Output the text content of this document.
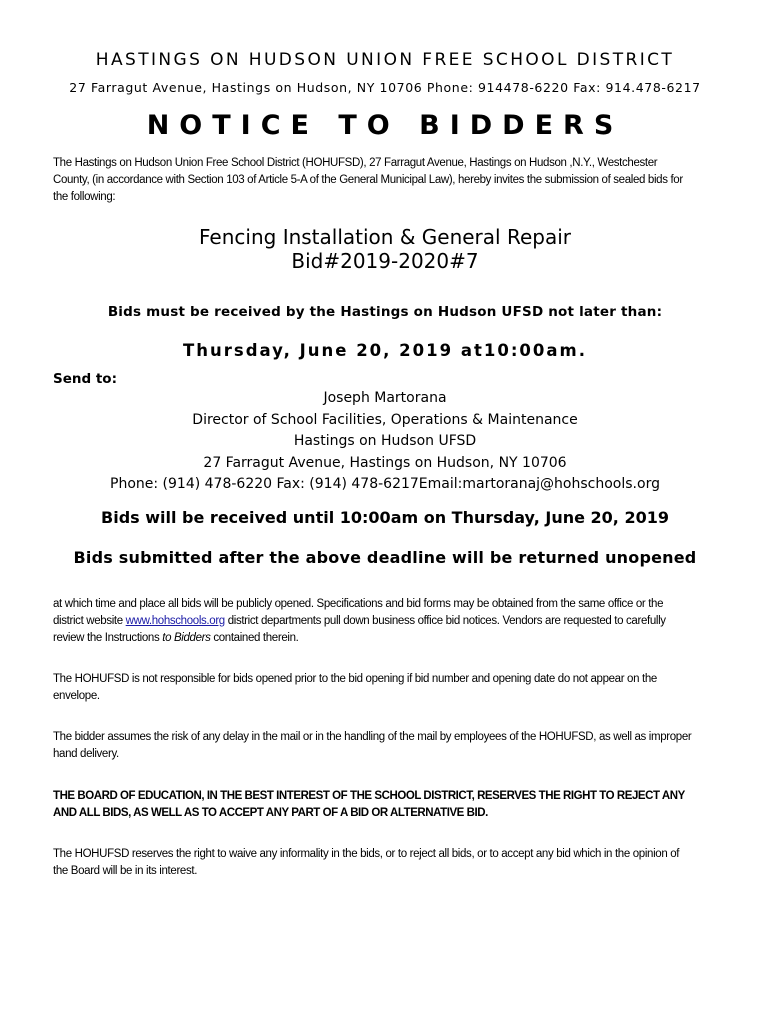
HASTINGS ON HUDSON UNION FREE SCHOOL DISTRICT
27 Farragut Avenue, Hastings on Hudson, NY 10706 Phone: 914478-6220 Fax: 914.478-6217
NOTICE TO BIDDERS
The Hastings on Hudson Union Free School District (HOHUFSD), 27 Farragut Avenue, Hastings on Hudson ,N.Y., Westchester County, (in accordance with Section 103 of Article 5-A of the General Municipal Law), hereby invites the submission of sealed bids for the following:
Fencing Installation & General Repair
Bid#2019-2020#7
Bids must be received by the Hastings on Hudson UFSD not later than:
Thursday, June 20, 2019 at10:00am.
Send to:
Joseph Martorana
Director of School Facilities, Operations & Maintenance
Hastings on Hudson UFSD
27 Farragut Avenue, Hastings on Hudson, NY 10706
Phone: (914) 478-6220 Fax: (914) 478-6217Email:martoranaj@hohschools.org
Bids will be received until 10:00am on Thursday, June 20, 2019
Bids submitted after the above deadline will be returned unopened
at which time and place all bids will be publicly opened. Specifications and bid forms may be obtained from the same office or the district website www.hohschools.org district departments pull down business office bid notices. Vendors are requested to carefully review the Instructions to Bidders contained therein.
The HOHUFSD is not responsible for bids opened prior to the bid opening if bid number and opening date do not appear on the envelope.
The bidder assumes the risk of any delay in the mail or in the handling of the mail by employees of the HOHUFSD, as well as improper hand delivery.
THE BOARD OF EDUCATION, IN THE BEST INTEREST OF THE SCHOOL DISTRICT, RESERVES THE RIGHT TO REJECT ANY AND ALL BIDS, AS WELL AS TO ACCEPT ANY PART OF A BID OR ALTERNATIVE BID.
The HOHUFSD reserves the right to waive any informality in the bids, or to reject all bids, or to accept any bid which in the opinion of the Board will be in its interest.
